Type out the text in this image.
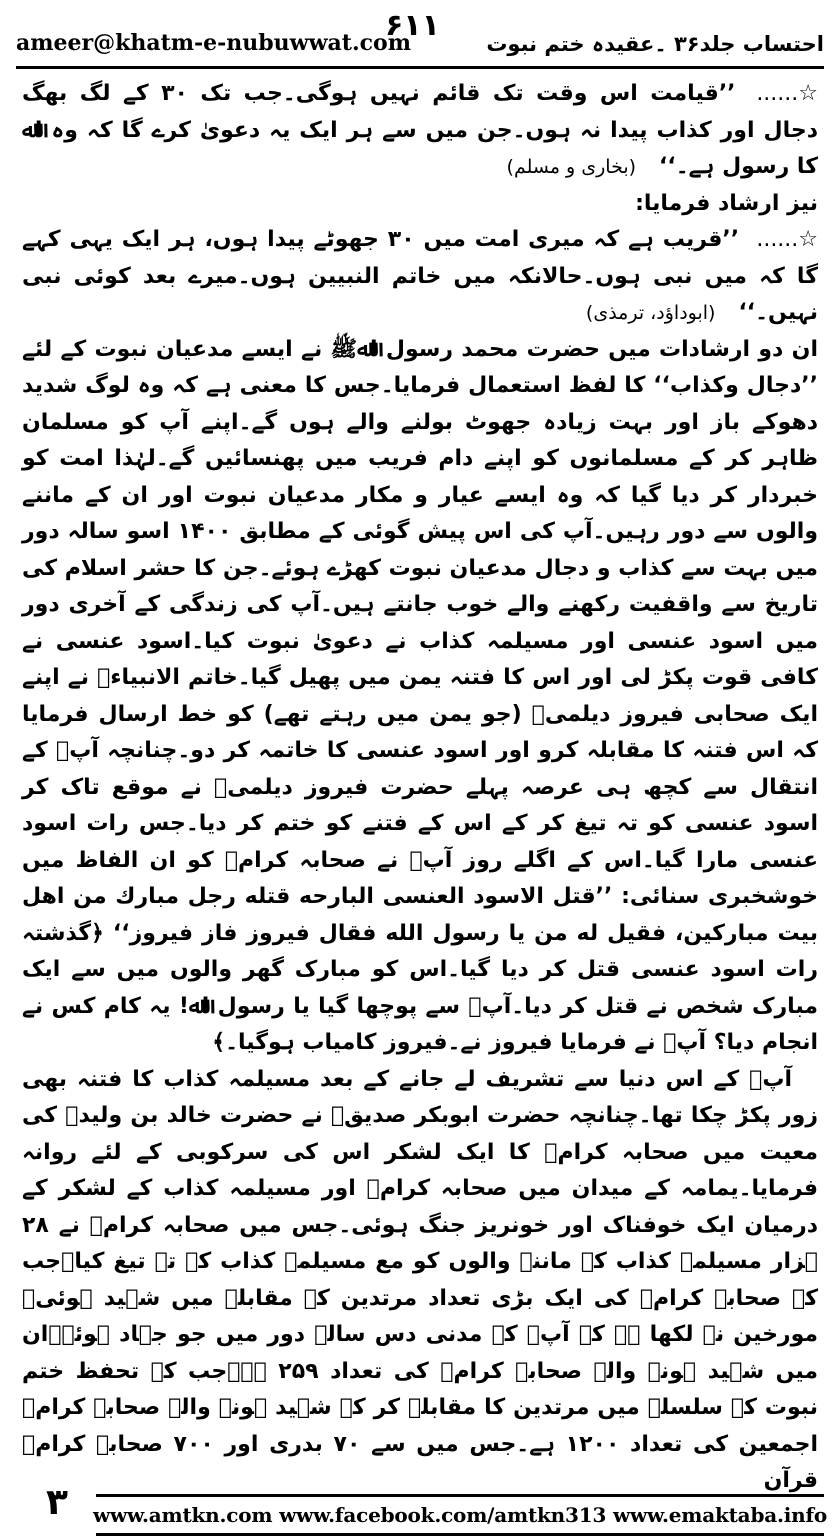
ameer@khatm-e-nubuwwat.com	احتساب جلد۳۶ ۔عقیدہ ختم نبوت
۶۱۱

☆...... ’’قیامت اس وقت تک قائم نہیں ہوگی۔جب تک ۳۰ کے لگ بھگ دجال اور کذاب پیدا نہ ہوں۔جن میں سے ہر ایک یہ دعویٰ کرے گا کہ وہ اﷲ کا رسول ہے۔‘‘   (بخاری و مسلم)

نیز ارشاد فرمایا:

☆...... ’’قریب ہے کہ میری امت میں ۳۰ جھوٹے پیدا ہوں، ہر ایک یہی کہے گا کہ میں نبی ہوں۔حالانکہ میں خاتم النبیین ہوں۔میرے بعد کوئی نبی نہیں۔‘‘   (ابوداؤد، ترمذی)

ان دو ارشادات میں حضرت محمد رسول اﷲﷺ نے ایسے مدعیان نبوت کے لئے ’’دجال وکذاب‘‘ کا لفظ استعمال فرمایا۔جس کا معنی ہے کہ وہ لوگ شدید دھوکے باز اور بہت زیادہ جھوٹ بولنے والے ہوں گے۔اپنے آپ کو مسلمان ظاہر کر کے مسلمانوں کو اپنے دام فریب میں پھنسائیں گے۔لہٰذا امت کو خبردار کر دیا گیا کہ وہ ایسے عیار و مکار مدعیان نبوت اور ان کے ماننے والوں سے دور رہیں۔آپ کی اس پیش گوئی کے مطابق ۱۴۰۰ اسو سالہ دور میں بہت سے کذاب و دجال مدعیان نبوت کھڑے ہوئے۔جن کا حشر اسلام کی تاریخ سے واقفیت رکھنے والے خوب جانتے ہیں۔آپ کی زندگی کے آخری دور میں اسود عنسی اور مسیلمہ کذاب نے دعویٰ نبوت کیا۔اسود عنسی نے کافی قوت پکڑ لی اور اس کا فتنہ یمن میں پھیل گیا۔خاتم الانبیاءﷺ نے اپنے ایک صحابی فیروز دیلمیؓ (جو یمن میں رہتے تھے) کو خط ارسال فرمایا کہ اس فتنہ کا مقابلہ کرو اور اسود عنسی کا خاتمہ کر دو۔چنانچہ آپﷺ کے انتقال سے کچھ ہی عرصہ پہلے حضرت فیروز دیلمیؓ نے موقع تاک کر اسود عنسی کو تہ تیغ کر کے اس کے فتنے کو ختم کر دیا۔جس رات اسود عنسی مارا گیا۔اس کے اگلے روز آپؐ نے صحابہ کرامؓ کو ان الفاظ میں خوشخبری سنائی: ’’قتل الاسود العنسی البارحه قتله رجل مبارك من اهل بيت مباركين، فقيل له من يا رسول الله فقال فيروز فاز فيروز‘‘ ﴿گذشتہ رات اسود عنسی قتل کر دیا گیا۔اس کو مبارک گھر والوں میں سے ایک مبارک شخص نے قتل کر دیا۔آپؐ سے پوچھا گیا یا رسول اﷲ! یہ کام کس نے انجام دیا؟ آپؐ نے فرمایا فیروز نے۔فیروز کامیاب ہوگیا۔﴾

آپؐ کے اس دنیا سے تشریف لے جانے کے بعد مسیلمہ کذاب کا فتنہ بھی زور پکڑ چکا تھا۔چنانچہ حضرت ابوبکر صدیقؓ نے حضرت خالد بن ولیدؓ کی معیت میں صحابہ کرامؓ کا ایک لشکر اس کی سرکوبی کے لئے روانہ فرمایا۔یمامہ کے میدان میں صحابہ کرامؓ اور مسیلمہ کذاب کے لشکر کے درمیان ایک خوفناک اور خونریز جنگ ہوئی۔جس میں صحابہ کرامؓ نے ۲۸ ہزار مسیلمہ کذاب کے ماننے والوں کو مع مسیلمہ کذاب کے تہ تیغ کیا۔جب کہ صحابہ کرامؓ کی ایک بڑی تعداد مرتدین کے مقابلہ میں شہید ہوئی۔مورخین نے لکھا ہے کہ آپؐ کے مدنی دس سالہ دور میں جو جہاد ہوئے۔ان میں شہید ہونے والے صحابہ کرامؓ کی تعداد ۲۵۹ ہے۔جب کہ تحفظ ختم نبوت کے سلسلے میں مرتدین کا مقابلہ کر کے شہید ہونے والے صحابہ کرامؓ اجمعین کی تعداد ۱۲۰۰ ہے۔جس میں سے ۷۰ بدری اور ۷۰۰ صحابہ کرامؓ قرآن

۳	www.amtkn.com www.facebook.com/amtkn313 www.emaktaba.info
